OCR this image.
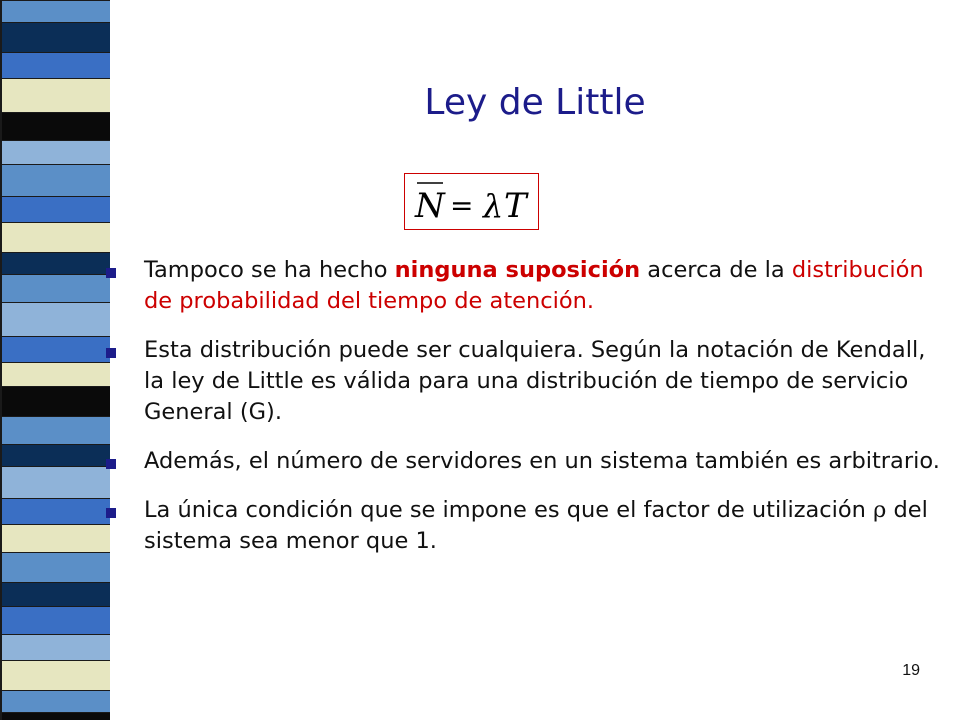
Ley de Little
N = λ T
Tampoco se ha hecho ninguna suposición acerca de la distribución de probabilidad del tiempo de atención.
Esta distribución puede ser cualquiera. Según la notación de Kendall, la ley de Little es válida para una distribución de tiempo de servicio General (G).
Además, el número de servidores en un sistema también es arbitrario.
La única condición que se impone es que el factor de utilización ρ del sistema sea menor que 1.
19
